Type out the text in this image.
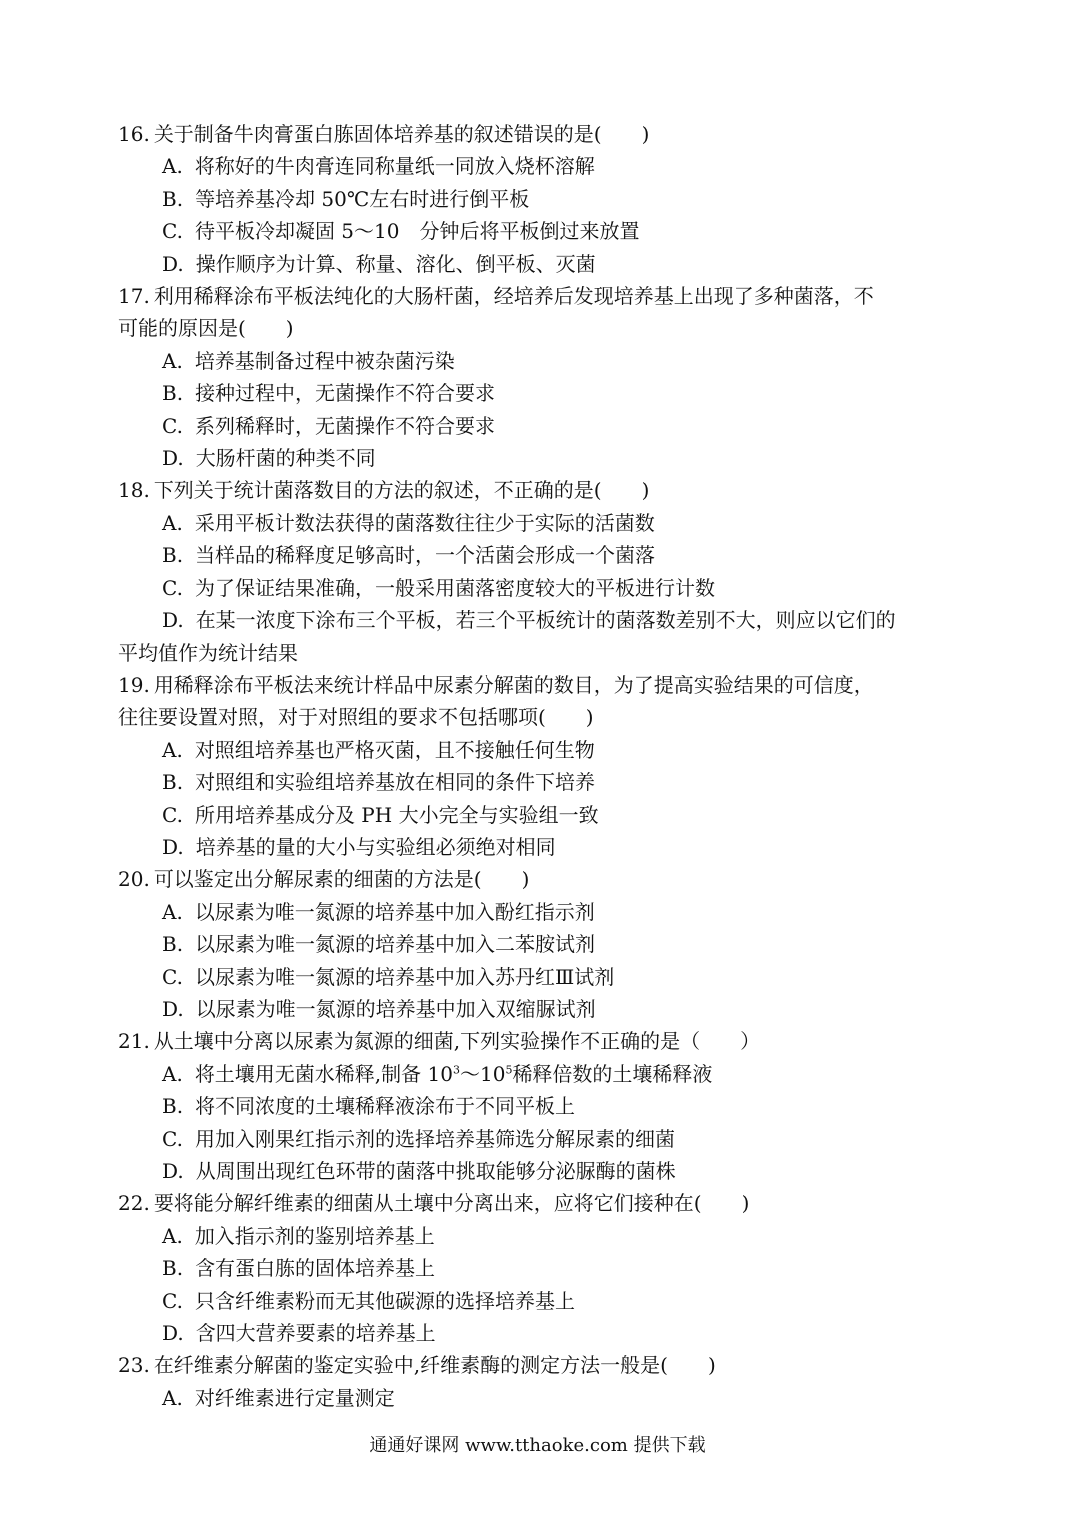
16. 关于制备牛肉膏蛋白胨固体培养基的叙述错误的是(　　)

A. 将称好的牛肉膏连同称量纸一同放入烧杯溶解

B. 等培养基冷却 50℃左右时进行倒平板

C. 待平板冷却凝固 5～10　分钟后将平板倒过来放置

D. 操作顺序为计算、称量、溶化、倒平板、灭菌

17. 利用稀释涂布平板法纯化的大肠杆菌，经培养后发现培养基上出现了多种菌落，不
可能的原因是(　　)

A. 培养基制备过程中被杂菌污染

B. 接种过程中，无菌操作不符合要求

C. 系列稀释时，无菌操作不符合要求

D. 大肠杆菌的种类不同

18. 下列关于统计菌落数目的方法的叙述，不正确的是(　　)

A. 采用平板计数法获得的菌落数往往少于实际的活菌数

B. 当样品的稀释度足够高时，一个活菌会形成一个菌落

C. 为了保证结果准确，一般采用菌落密度较大的平板进行计数

D. 在某一浓度下涂布三个平板，若三个平板统计的菌落数差别不大，则应以它们的

平均值作为统计结果

19. 用稀释涂布平板法来统计样品中尿素分解菌的数目，为了提高实验结果的可信度，
往往要设置对照，对于对照组的要求不包括哪项(　　)

A. 对照组培养基也严格灭菌，且不接触任何生物

B. 对照组和实验组培养基放在相同的条件下培养

C. 所用培养基成分及 PH 大小完全与实验组一致

D. 培养基的量的大小与实验组必须绝对相同

20. 可以鉴定出分解尿素的细菌的方法是(　　)

A. 以尿素为唯一氮源的培养基中加入酚红指示剂

B. 以尿素为唯一氮源的培养基中加入二苯胺试剂

C. 以尿素为唯一氮源的培养基中加入苏丹红Ⅲ试剂

D. 以尿素为唯一氮源的培养基中加入双缩脲试剂

21. 从土壤中分离以尿素为氮源的细菌,下列实验操作不正确的是（　　）

A. 将土壤用无菌水稀释,制备 $10^3\sim 10^5$稀释倍数的土壤稀释液

B. 将不同浓度的土壤稀释液涂布于不同平板上

C. 用加入刚果红指示剂的选择培养基筛选分解尿素的细菌

D. 从周围出现红色环带的菌落中挑取能够分泌脲酶的菌株

22. 要将能分解纤维素的细菌从土壤中分离出来，应将它们接种在(　　)

A. 加入指示剂的鉴别培养基上

B. 含有蛋白胨的固体培养基上

C. 只含纤维素粉而无其他碳源的选择培养基上

D. 含四大营养要素的培养基上

23. 在纤维素分解菌的鉴定实验中,纤维素酶的测定方法一般是(　　)

A. 对纤维素进行定量测定

通通好课网 www.tthaoke.com 提供下载
